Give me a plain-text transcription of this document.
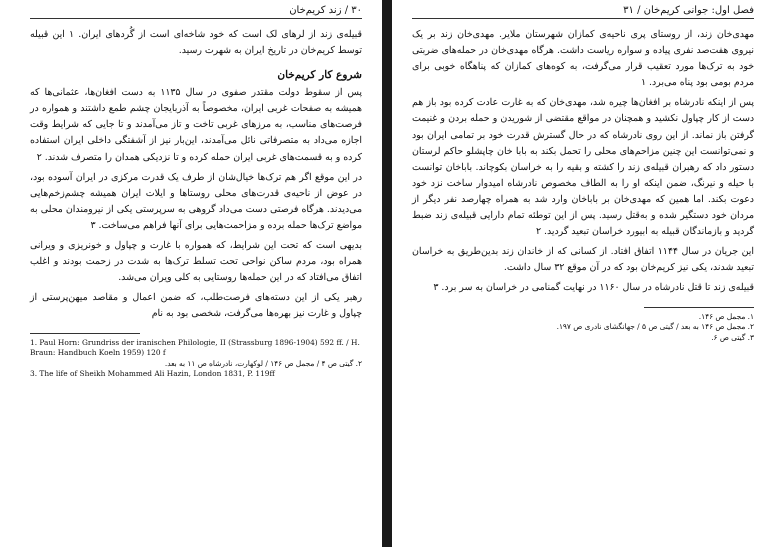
۳۰ / زند کریم‌خان

قبیله‌ی زند از لرهای لک است که خود شاخه‌ای است از گُردهای ایران. ۱ این قبیله توسط کریم‌خان در تاریخ ایران به شهرت رسید.

شروع کار کریم‌خان

پس از سقوط دولت مقتدر صفوی در سال ۱۱۳۵ به دست افغان‌ها، عثمانی‌ها که همیشه به صفحات غربی ایران، مخصوصاً به آذربایجان چشم طمع داشتند و همواره در فرصت‌های مناسب، به مرزهای غربی تاخت و تاز می‌آمدند و تا جایی که شرایط وقت اجازه می‌داد به متصرفاتی نائل می‌آمدند، این‌بار نیز از آشفتگی داخلی ایران استفاده کرده و به قسمت‌های غربی ایران حمله کرده و تا نزدیکی همدان را متصرف شدند. ۲

در این موقع اگر هم ترک‌ها خیال‌شان از طرف یک قدرت مرکزی در ایران آسوده بود، در عوض از ناحیه‌ی قدرت‌های محلی روستاها و ایلات ایران همیشه چشم‌زخم‌هایی می‌دیدند. هرگاه فرصتی دست می‌داد گروهی به سرپرستی یکی از نیرومندان محلی به مواضع ترک‌ها حمله برده و مزاحمت‌هایی برای آنها فراهم می‌ساخت. ۳

بدیهی است که تحت این شرایط، که همواره با غارت و چپاول و خونریزی و ویرانی همراه بود، مردم ساکن نواحی تحت تسلط ترک‌ها به شدت در زحمت بودند و اغلب اتفاق می‌افتاد که در این حمله‌ها روستایی به کلی ویران می‌شد.

رهبر یکی از این دسته‌های فرصت‌طلب، که ضمن اعمال و مقاصد میهن‌پرستی از چپاول و غارت نیز بهره‌ها می‌گرفت، شخصی بود به نام

1. Paul Horn: Grundriss der iranischen Philologie, II (Strassburg 1896-1904) 592 ff. / H. Braun: Handbuch Koeln 1959) 120 f

۲. گیتی ص ۴ / مجمل ص ۱۴۶ / لوکهارت، نادرشاه ص ۱۱ به بعد.

3. The life of Sheikh Mohammed Ali Hazin, London 1831, P. 119ff

فصل اول: جوانی کریم‌خان / ۳۱

مهدی‌خان زند، از روستای پری ناحیه‌ی کمازان شهرستان ملایر. مهدی‌خان زند بر یک نیروی هفت‌صد نفری پیاده و سواره ریاست داشت. هرگاه مهدی‌خان در حمله‌های ضربتی خود به ترک‌ها مورد تعقیب قرار می‌گرفت، به کوه‌های کمازان که پناهگاه خوبی برای مردم بومی بود پناه می‌برد. ۱

پس از اینکه نادرشاه بر افغان‌ها چیره شد، مهدی‌خان که به غارت عادت کرده بود باز هم دست از کار چپاول نکشید و همچنان در مواقع مقتضی از شوریدن و حمله بردن و غنیمت گرفتن باز نماند. از این روی نادرشاه که در حال گسترش قدرت خود بر تمامی ایران بود و نمی‌توانست این چنین مزاحم‌های محلی را تحمل بکند به بابا خان چاپشلو حاکم لرستان دستور داد که رهبران قبیله‌ی زند را کشته و بقیه را به خراسان بکوچاند. باباخان توانست با حیله و نیرنگ، ضمن اینکه او را به الطاف مخصوص نادرشاه امیدوار ساخت نزد خود دعوت بکند. اما همین که مهدی‌خان بر باباخان وارد شد به همراه چهارصد نفر دیگر از مردان خود دستگیر شده و به‌قتل رسید. پس از این توطئه تمام دارایی قبیله‌ی زند ضبط گردید و بازماندگان قبیله به ابیورد خراسان تبعید گردید. ۲

این جریان در سال ۱۱۴۴ اتفاق افتاد. از کسانی که از خاندان زند بدین‌طریق به خراسان تبعید شدند، یکی نیز کریم‌خان بود که در آن موقع ۳۲ سال داشت.

قبیله‌ی زند تا قتل نادرشاه در سال ۱۱۶۰ در نهایت گمنامی در خراسان به سر برد. ۳

۱. مجمل ص ۱۴۶.

۲. مجمل ص ۱۴۶ به بعد / گیتی ص ۵ / جهانگشای نادری ص ۱۹۷.

۳. گیتی ص ۶.
